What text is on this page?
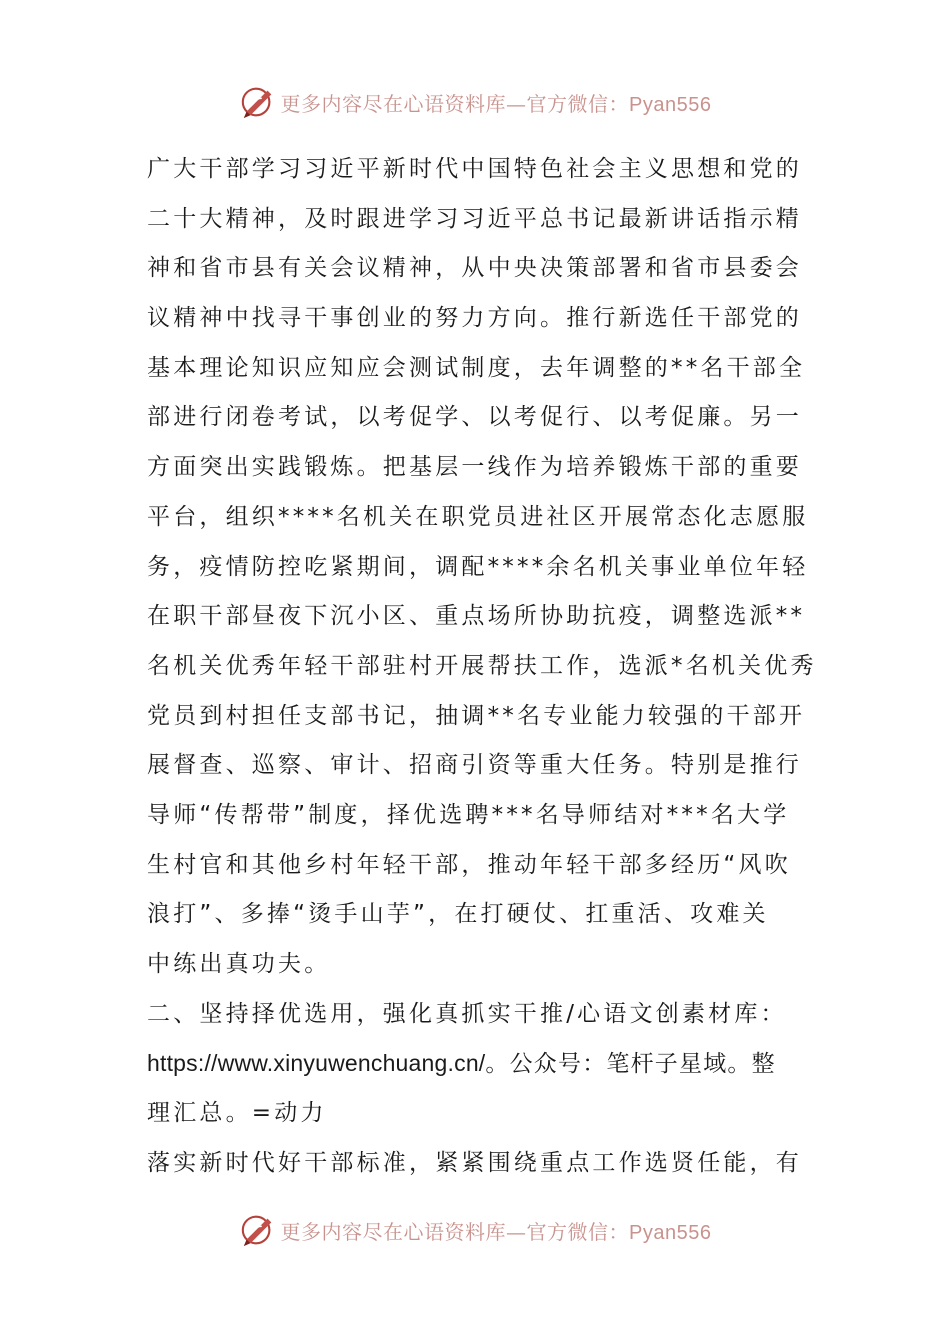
更多内容尽在心语资料库—官方微信：Pyan556
广大干部学习习近平新时代中国特色社会主义思想和党的
二十大精神，及时跟进学习习近平总书记最新讲话指示精
神和省市县有关会议精神，从中央决策部署和省市县委会
议精神中找寻干事创业的努力方向。推行新选任干部党的
基本理论知识应知应会测试制度，去年调整的**名干部全
部进行闭卷考试，以考促学、以考促行、以考促廉。另一
方面突出实践锻炼。把基层一线作为培养锻炼干部的重要
平台，组织****名机关在职党员进社区开展常态化志愿服
务，疫情防控吃紧期间，调配****余名机关事业单位年轻
在职干部昼夜下沉小区、重点场所协助抗疫，调整选派**
名机关优秀年轻干部驻村开展帮扶工作，选派*名机关优秀
党员到村担任支部书记，抽调**名专业能力较强的干部开
展督查、巡察、审计、招商引资等重大任务。特别是推行
导师“传帮带”制度，择优选聘***名导师结对***名大学
生村官和其他乡村年轻干部，推动年轻干部多经历“风吹
浪打”、多捧“烫手山芋”，在打硬仗、扛重活、攻难关
中练出真功夫。
二、坚持择优选用，强化真抓实干推/心语文创素材库：
https://www.xinyuwenchuang.cn/。公众号：笔杆子星域。整
理汇总。=动力
落实新时代好干部标准，紧紧围绕重点工作选贤任能，有
更多内容尽在心语资料库—官方微信：Pyan556
